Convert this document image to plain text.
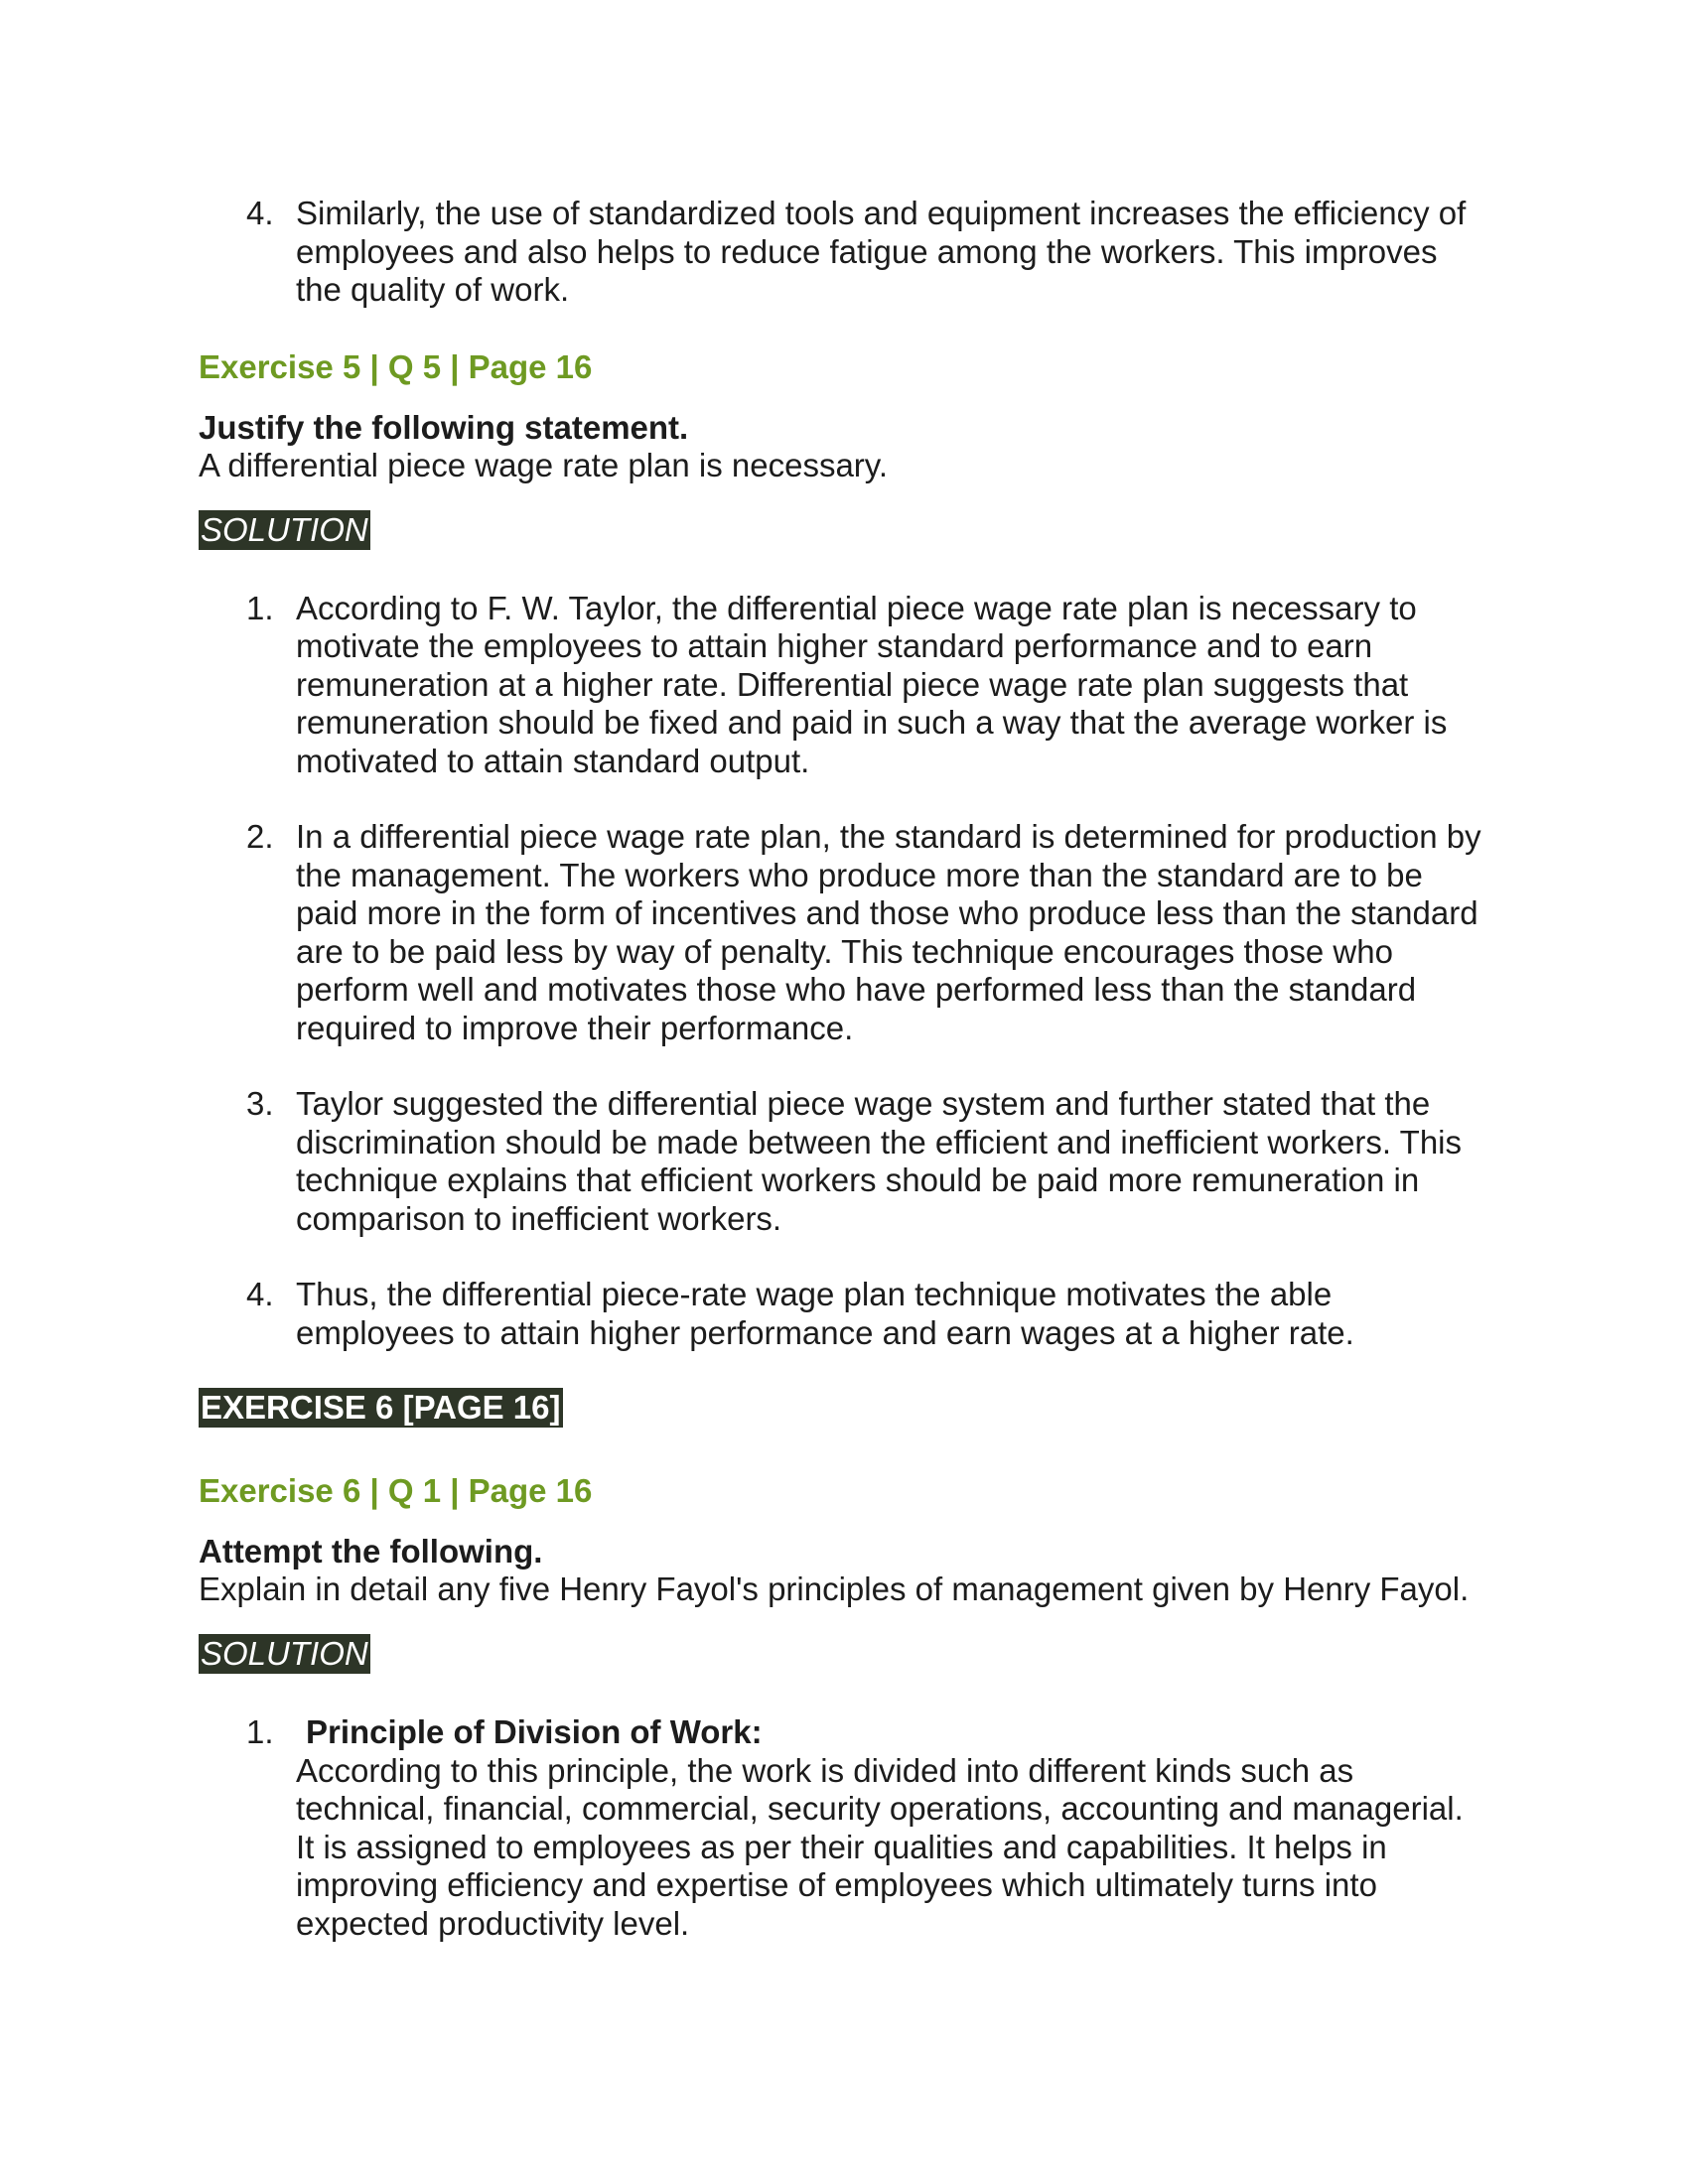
4. Similarly, the use of standardized tools and equipment increases the efficiency of employees and also helps to reduce fatigue among the workers. This improves the quality of work.
Exercise 5 | Q 5 | Page 16
Justify the following statement.
A differential piece wage rate plan is necessary.
SOLUTION
1. According to F. W. Taylor, the differential piece wage rate plan is necessary to motivate the employees to attain higher standard performance and to earn remuneration at a higher rate. Differential piece wage rate plan suggests that remuneration should be fixed and paid in such a way that the average worker is motivated to attain standard output.
2. In a differential piece wage rate plan, the standard is determined for production by the management. The workers who produce more than the standard are to be paid more in the form of incentives and those who produce less than the standard are to be paid less by way of penalty. This technique encourages those who perform well and motivates those who have performed less than the standard required to improve their performance.
3. Taylor suggested the differential piece wage system and further stated that the discrimination should be made between the efficient and inefficient workers. This technique explains that efficient workers should be paid more remuneration in comparison to inefficient workers.
4. Thus, the differential piece-rate wage plan technique motivates the able employees to attain higher performance and earn wages at a higher rate.
EXERCISE 6 [PAGE 16]
Exercise 6 | Q 1 | Page 16
Attempt the following.
Explain in detail any five Henry Fayol's principles of management given by Henry Fayol.
SOLUTION
1. Principle of Division of Work:
According to this principle, the work is divided into different kinds such as technical, financial, commercial, security operations, accounting and managerial. It is assigned to employees as per their qualities and capabilities. It helps in improving efficiency and expertise of employees which ultimately turns into expected productivity level.
